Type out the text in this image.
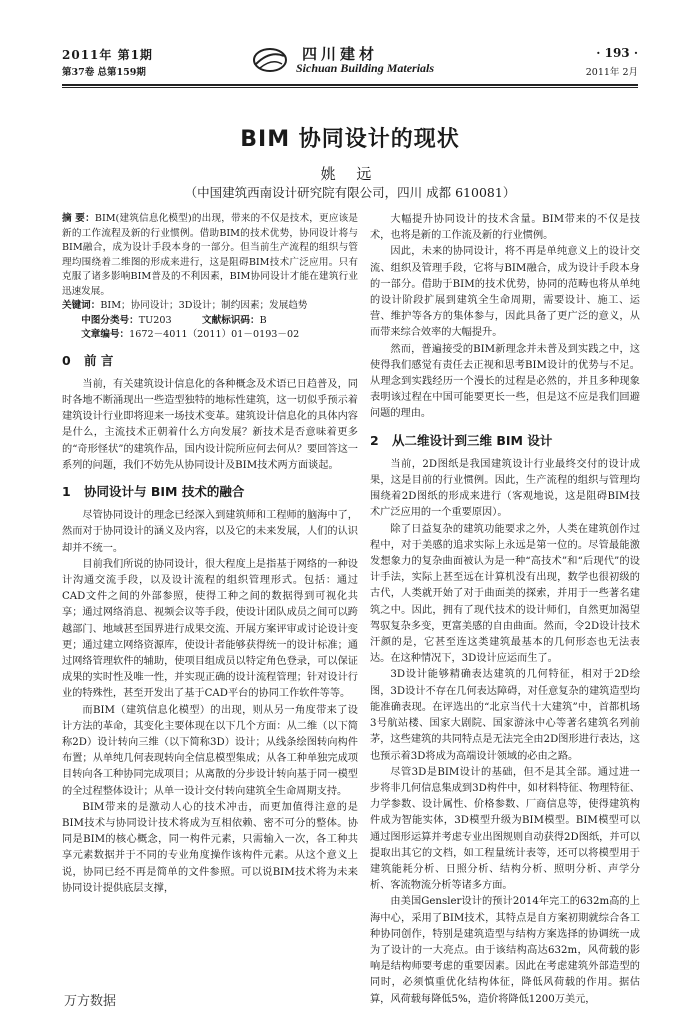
2011年 第1期
第37卷 总第159期
四川建材
Sichuan Building Materials
· 193 ·
2011年 2月
BIM 协同设计的现状
姚 远
（中国建筑西南设计研究院有限公司，四川 成都 610081）

摘 要：BIM(建筑信息化模型)的出现，带来的不仅是技术，更应该是新的工作流程及新的行业惯例。借助BIM的技术优势，协同设计将与BIM融合，成为设计手段本身的一部分。但当前生产流程的组织与管理均围绕着二维图的形成来进行，这是阻碍BIM技术广泛应用。只有克服了诸多影响BIM普及的不利因素，BIM协同设计才能在建筑行业迅速发展。

关键词：BIM；协同设计；3D设计；制约因素；发展趋势

中图分类号：TU203	文献标识码：B
文章编号：1672－4011（2011）01－0193－02
0 前 言

当前，有关建筑设计信息化的各种概念及术语已日趋普及，同时各地不断涌现出一些造型独特的地标性建筑，这一切似乎预示着建筑设计行业即将迎来一场技术变革。建筑设计信息化的具体内容是什么，主流技术正朝着什么方向发展？新技术是否意味着更多的“奇形怪状”的建筑作品，国内设计院所应何去何从？要回答这一系列的问题，我们不妨先从协同设计及BIM技术两方面谈起。

1 协同设计与 BIM 技术的融合

尽管协同设计的理念已经深入到建筑师和工程师的脑海中了，然而对于协同设计的涵义及内容，以及它的未来发展，人们的认识却并不统一。

目前我们所说的协同设计，很大程度上是指基于网络的一种设计沟通交流手段，以及设计流程的组织管理形式。包括：通过CAD文件之间的外部参照，使得工种之间的数据得到可视化共享；通过网络消息、视频会议等手段，使设计团队成员之间可以跨越部门、地域甚至国界进行成果交流、开展方案评审或讨论设计变更；通过建立网络资源库，使设计者能够获得统一的设计标准；通过网络管理软件的辅助，使项目组成员以特定角色登录，可以保证成果的实时性及唯一性，并实现正确的设计流程管理；针对设计行业的特殊性，甚至开发出了基于CAD平台的协同工作软件等等。

而BIM（建筑信息化模型）的出现，则从另一角度带来了设计方法的革命，其变化主要体现在以下几个方面：从二维（以下简称2D）设计转向三维（以下简称3D）设计；从线条绘图转向构件布置；从单纯几何表现转向全信息模型集成；从各工种单独完成项目转向各工种协同完成项目；从离散的分步设计转向基于同一模型的全过程整体设计；从单一设计交付转向建筑全生命周期支持。

BIM带来的是激动人心的技术冲击，而更加值得注意的是BIM技术与协同设计技术将成为互相依赖、密不可分的整体。协同是BIM的核心概念，同一构件元素，只需输入一次，各工种共享元素数据并于不同的专业角度操作该构件元素。从这个意义上说，协同已经不再是简单的文件参照。可以说BIM技术将为未来协同设计提供底层支撑，

大幅提升协同设计的技术含量。BIM带来的不仅是技术，也将是新的工作流及新的行业惯例。

因此，未来的协同设计，将不再是单纯意义上的设计交流、组织及管理手段，它将与BIM融合，成为设计手段本身的一部分。借助于BIM的技术优势，协同的范畴也将从单纯的设计阶段扩展到建筑全生命周期，需要设计、施工、运营、维护等各方的集体参与，因此具备了更广泛的意义，从而带来综合效率的大幅提升。

然而，普遍接受的BIM新理念并未普及到实践之中，这使得我们感觉有责任去正视和思考BIM设计的优势与不足。从理念到实践经历一个漫长的过程是必然的，并且多种现象表明该过程在中国可能要更长一些，但是这不应是我们回避问题的理由。

2 从二维设计到三维 BIM 设计

当前，2D图纸是我国建筑设计行业最终交付的设计成果，这是目前的行业惯例。因此，生产流程的组织与管理均围绕着2D图纸的形成来进行（客观地说，这是阻碍BIM技术广泛应用的一个重要原因）。

除了日益复杂的建筑功能要求之外，人类在建筑创作过程中，对于美感的追求实际上永远是第一位的。尽管最能激发想象力的复杂曲面被认为是一种“高技术”和“后现代”的设计手法，实际上甚至远在计算机没有出现，数学也很初级的古代，人类就开始了对于曲面美的探索，并用于一些著名建筑之中。因此，拥有了现代技术的设计师们，自然更加渴望驾驭复杂多变，更富美感的自由曲面。然而，令2D设计技术汗颜的是，它甚至连这类建筑最基本的几何形态也无法表达。在这种情况下，3D设计应运而生了。

3D设计能够精确表达建筑的几何特征，相对于2D绘图，3D设计不存在几何表达障碍，对任意复杂的建筑造型均能准确表现。在评选出的“北京当代十大建筑”中，首都机场3号航站楼、国家大剧院、国家游泳中心等著名建筑名列前茅，这些建筑的共同特点是无法完全由2D图形进行表达，这也预示着3D将成为高端设计领域的必由之路。

尽管3D是BIM设计的基础，但不是其全部。通过进一步将非几何信息集成到3D构件中，如材料特征、物理特征、力学参数、设计属性、价格参数、厂商信息等，使得建筑构件成为智能实体，3D模型升级为BIM模型。BIM模型可以通过图形运算并考虑专业出图规则自动获得2D图纸，并可以提取出其它的文档，如工程量统计表等，还可以将模型用于建筑能耗分析、日照分析、结构分析、照明分析、声学分析、客流物流分析等诸多方面。

由美国Gensler设计的预计2014年完工的632m高的上海中心，采用了BIM技术，其特点是自方案初期就综合各工种协同创作，特别是建筑造型与结构方案选择的协调统一成为了设计的一大亮点。由于该结构高达632m，风荷载的影响是结构师要考虑的重要因素。因此在考虑建筑外部造型的同时，必须慎重优化结构体征，降低风荷载的作用。据估算，风荷载每降低5%，造价将降低1200万美元，

万方数据
